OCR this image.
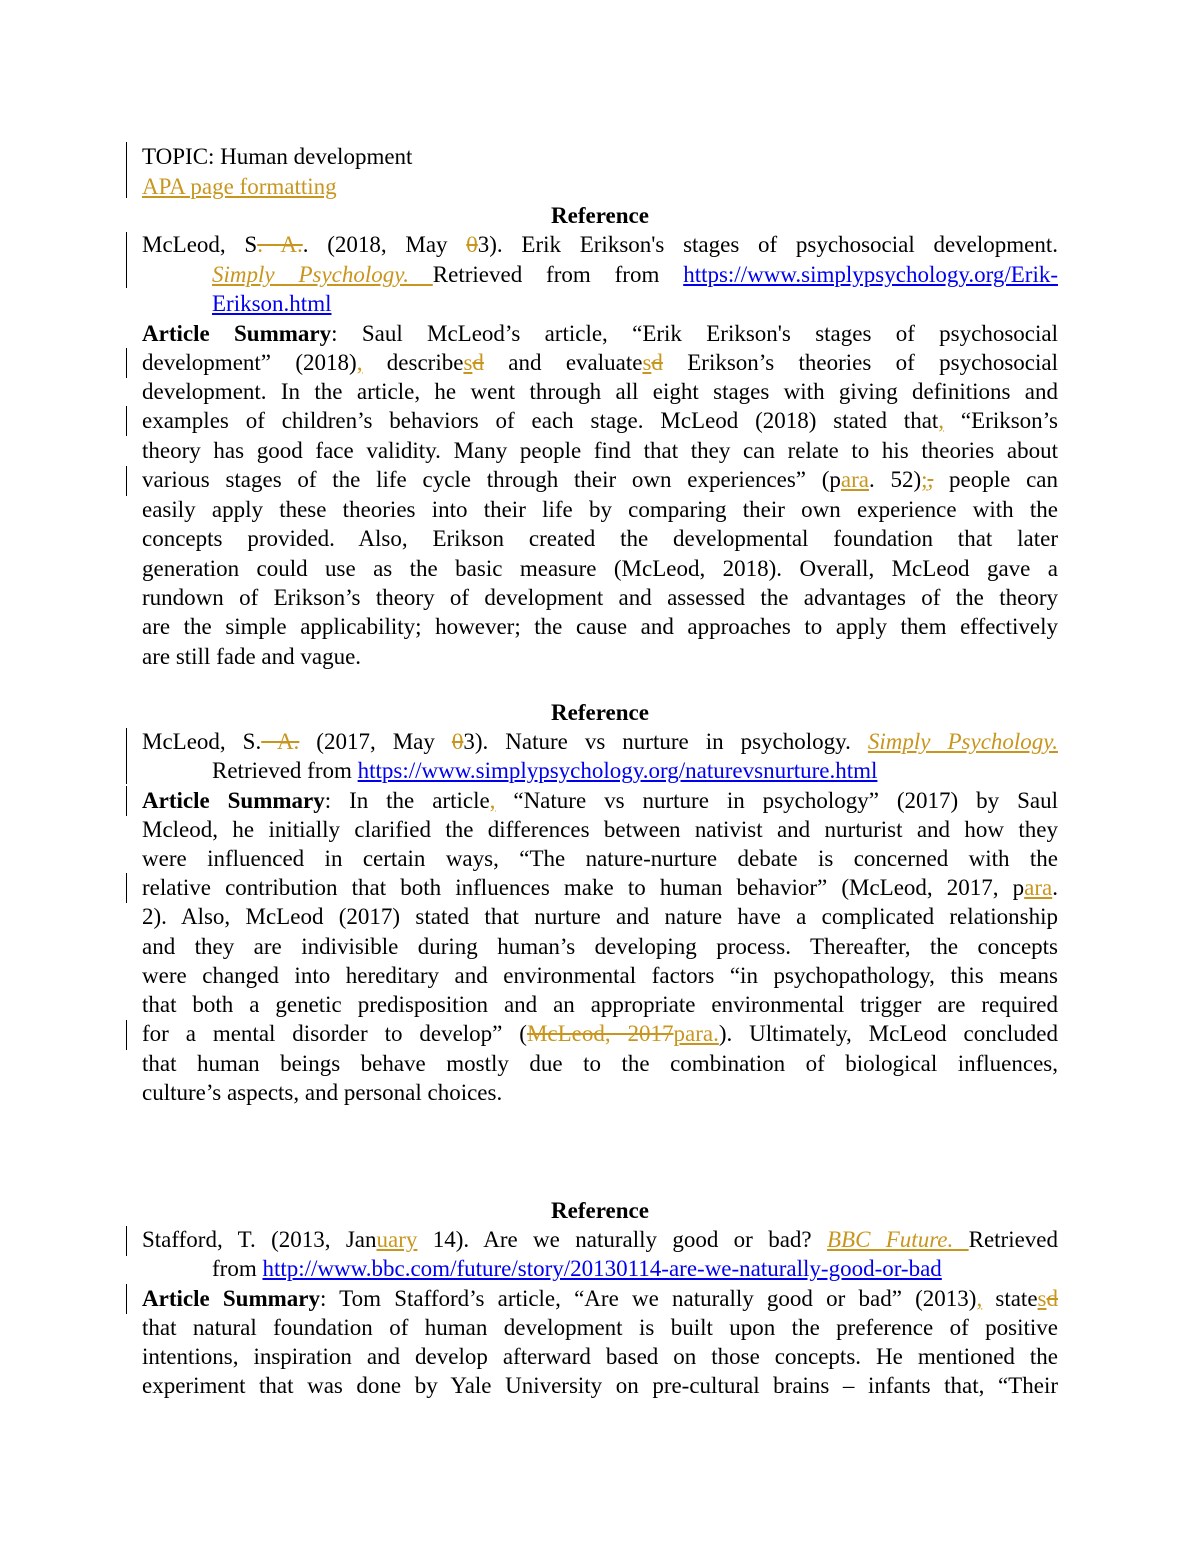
TOPIC: Human development
APA page formatting
Reference
McLeod, S. A.. (2018, May 03). Erik Erikson's stages of psychosocial development.
Simply Psychology. Retrieved from from https://www.simplypsychology.org/Erik-
Erikson.html
Article Summary: Saul McLeod’s article, “Erik Erikson's stages of psychosocial
development” (2018), describesd and evaluatesd Erikson’s theories of psychosocial
development. In the article, he went through all eight stages with giving definitions and
examples of children’s behaviors of each stage. McLeod (2018) stated that, “Erikson’s
theory has good face validity. Many people find that they can relate to his theories about
various stages of the life cycle through their own experiences” (para. 52);, people can
easily apply these theories into their life by comparing their own experience with the
concepts provided. Also, Erikson created the developmental foundation that later
generation could use as the basic measure (McLeod, 2018). Overall, McLeod gave a
rundown of Erikson’s theory of development and assessed the advantages of the theory
are the simple applicability; however; the cause and approaches to apply them effectively
are still fade and vague.
Reference
McLeod, S. A. (2017, May 03). Nature vs nurture in psychology. Simply Psychology.
Retrieved from https://www.simplypsychology.org/naturevsnurture.html
Article Summary: In the article, “Nature vs nurture in psychology” (2017) by Saul
Mcleod, he initially clarified the differences between nativist and nurturist and how they
were influenced in certain ways, “The nature-nurture debate is concerned with the
relative contribution that both influences make to human behavior” (McLeod, 2017, para.
2). Also, McLeod (2017) stated that nurture and nature have a complicated relationship
and they are indivisible during human’s developing process. Thereafter, the concepts
were changed into hereditary and environmental factors “in psychopathology, this means
that both a genetic predisposition and an appropriate environmental trigger are required
for a mental disorder to develop” (McLeod, 2017para.). Ultimately, McLeod concluded
that human beings behave mostly due to the combination of biological influences,
culture’s aspects, and personal choices.
Reference
Stafford, T. (2013, January 14). Are we naturally good or bad? BBC Future. Retrieved
from http://www.bbc.com/future/story/20130114-are-we-naturally-good-or-bad
Article Summary: Tom Stafford’s article, “Are we naturally good or bad” (2013), statesd
that natural foundation of human development is built upon the preference of positive
intentions, inspiration and develop afterward based on those concepts. He mentioned the
experiment that was done by Yale University on pre-cultural brains – infants that, “Their
